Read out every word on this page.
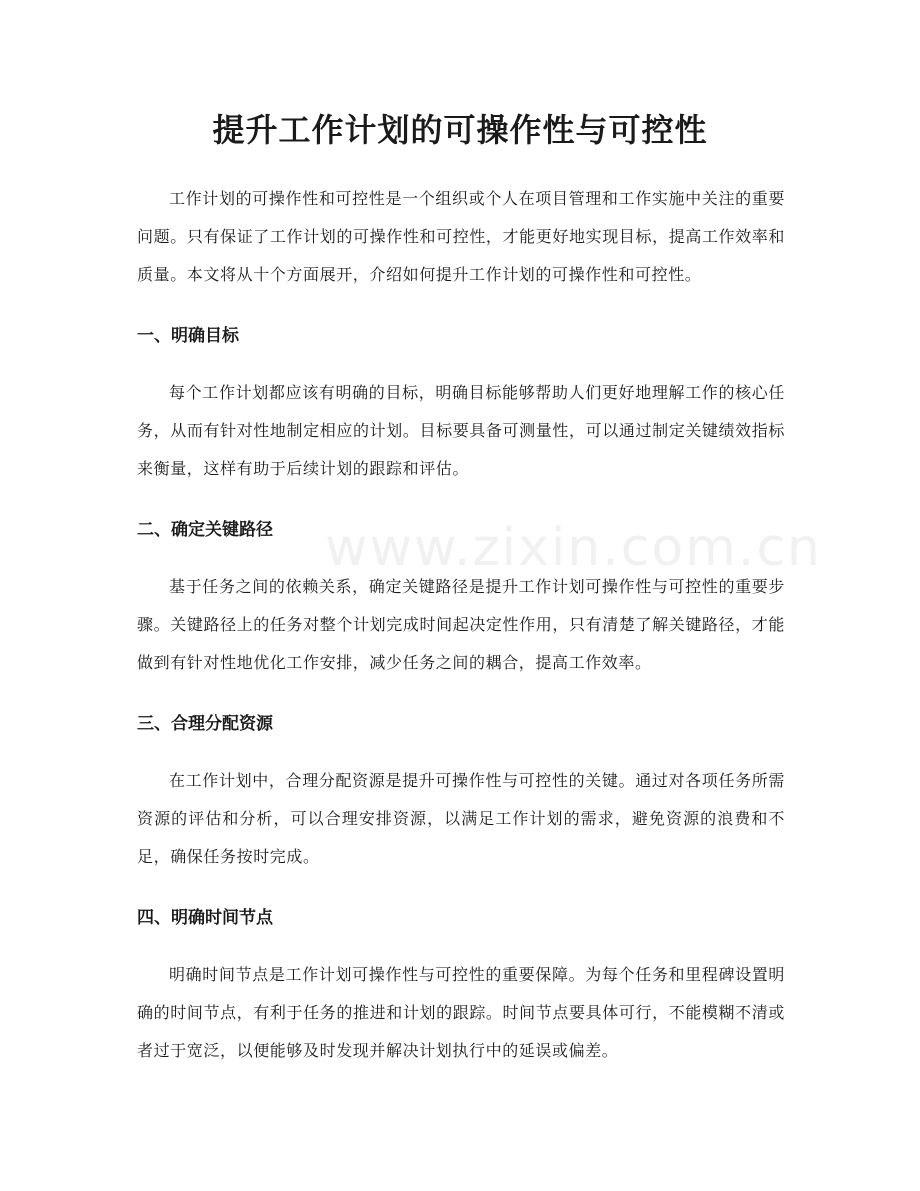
www.zixin.com.cn
提升工作计划的可操作性与可控性

工作计划的可操作性和可控性是一个组织或个人在项目管理和工作实施中关注的重要问题。只有保证了工作计划的可操作性和可控性，才能更好地实现目标，提高工作效率和质量。本文将从十个方面展开，介绍如何提升工作计划的可操作性和可控性。

一、明确目标

每个工作计划都应该有明确的目标，明确目标能够帮助人们更好地理解工作的核心任务，从而有针对性地制定相应的计划。目标要具备可测量性，可以通过制定关键绩效指标来衡量，这样有助于后续计划的跟踪和评估。

二、确定关键路径

基于任务之间的依赖关系，确定关键路径是提升工作计划可操作性与可控性的重要步骤。关键路径上的任务对整个计划完成时间起决定性作用，只有清楚了解关键路径，才能做到有针对性地优化工作安排，减少任务之间的耦合，提高工作效率。

三、合理分配资源

在工作计划中，合理分配资源是提升可操作性与可控性的关键。通过对各项任务所需资源的评估和分析，可以合理安排资源，以满足工作计划的需求，避免资源的浪费和不足，确保任务按时完成。

四、明确时间节点

明确时间节点是工作计划可操作性与可控性的重要保障。为每个任务和里程碑设置明确的时间节点，有利于任务的推进和计划的跟踪。时间节点要具体可行，不能模糊不清或者过于宽泛，以便能够及时发现并解决计划执行中的延误或偏差。
